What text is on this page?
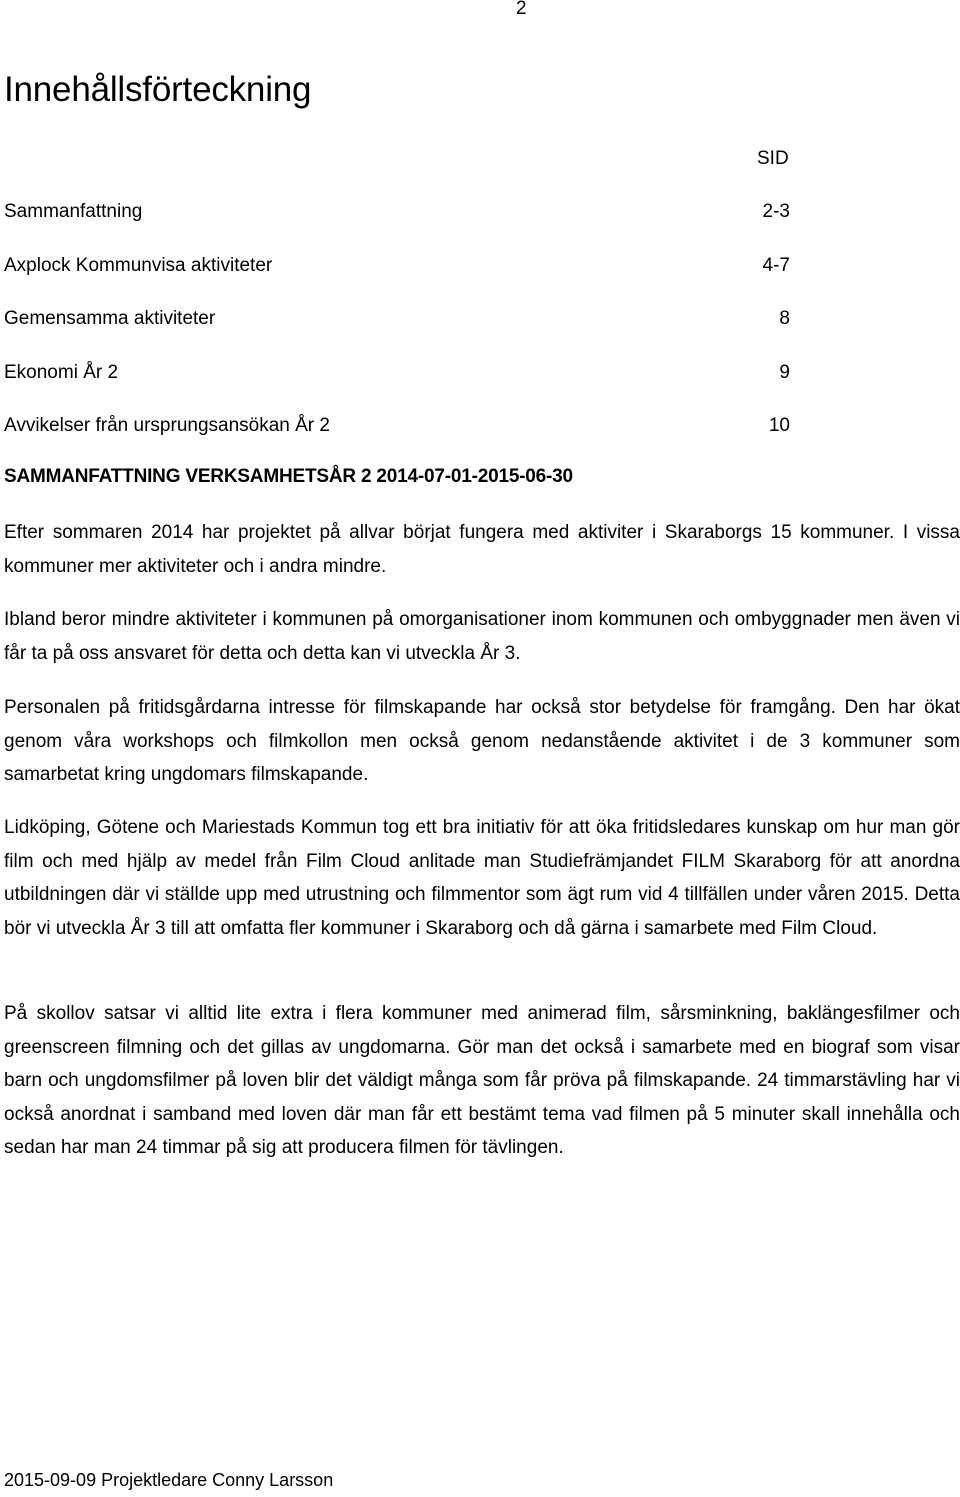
2
Innehållsförteckning
SID
Sammanfattning	2-3
Axplock Kommunvisa aktiviteter	4-7
Gemensamma aktiviteter	8
Ekonomi År 2	9
Avvikelser från ursprungsansökan År 2	10
SAMMANFATTNING VERKSAMHETSÅR 2 2014-07-01-2015-06-30

Efter sommaren 2014 har projektet på allvar börjat fungera med aktiviter i Skaraborgs 15 kommuner. I vissa kommuner mer aktiviteter och i andra mindre.

Ibland beror mindre aktiviteter i kommunen på omorganisationer inom kommunen och ombyggnader men även vi får ta på oss ansvaret för detta och detta kan vi utveckla År 3.

Personalen på fritidsgårdarna intresse för filmskapande har också stor betydelse för framgång. Den har ökat genom våra workshops och filmkollon men också genom nedanstående aktivitet i de 3 kommuner som samarbetat kring ungdomars filmskapande.

Lidköping, Götene och Mariestads Kommun tog ett bra initiativ för att öka fritidsledares kunskap om hur man gör film och med hjälp av medel från Film Cloud anlitade man Studiefrämjandet FILM Skaraborg för att anordna utbildningen där vi ställde upp med utrustning och filmmentor som ägt rum vid 4 tillfällen under våren 2015. Detta bör vi utveckla År 3 till att omfatta fler kommuner i Skaraborg och då gärna i samarbete med Film Cloud.

På skollov satsar vi alltid lite extra i flera kommuner med animerad film, sårsminkning, baklängesfilmer och greenscreen filmning och det gillas av ungdomarna. Gör man det också i samarbete med en biograf som visar barn och ungdomsfilmer på loven blir det väldigt många som får pröva på filmskapande. 24 timmarstävling har vi också anordnat i samband med loven där man får ett bestämt tema vad filmen på 5 minuter skall innehålla och sedan har man 24 timmar på sig att producera filmen för tävlingen.

2015-09-09 Projektledare Conny Larsson
